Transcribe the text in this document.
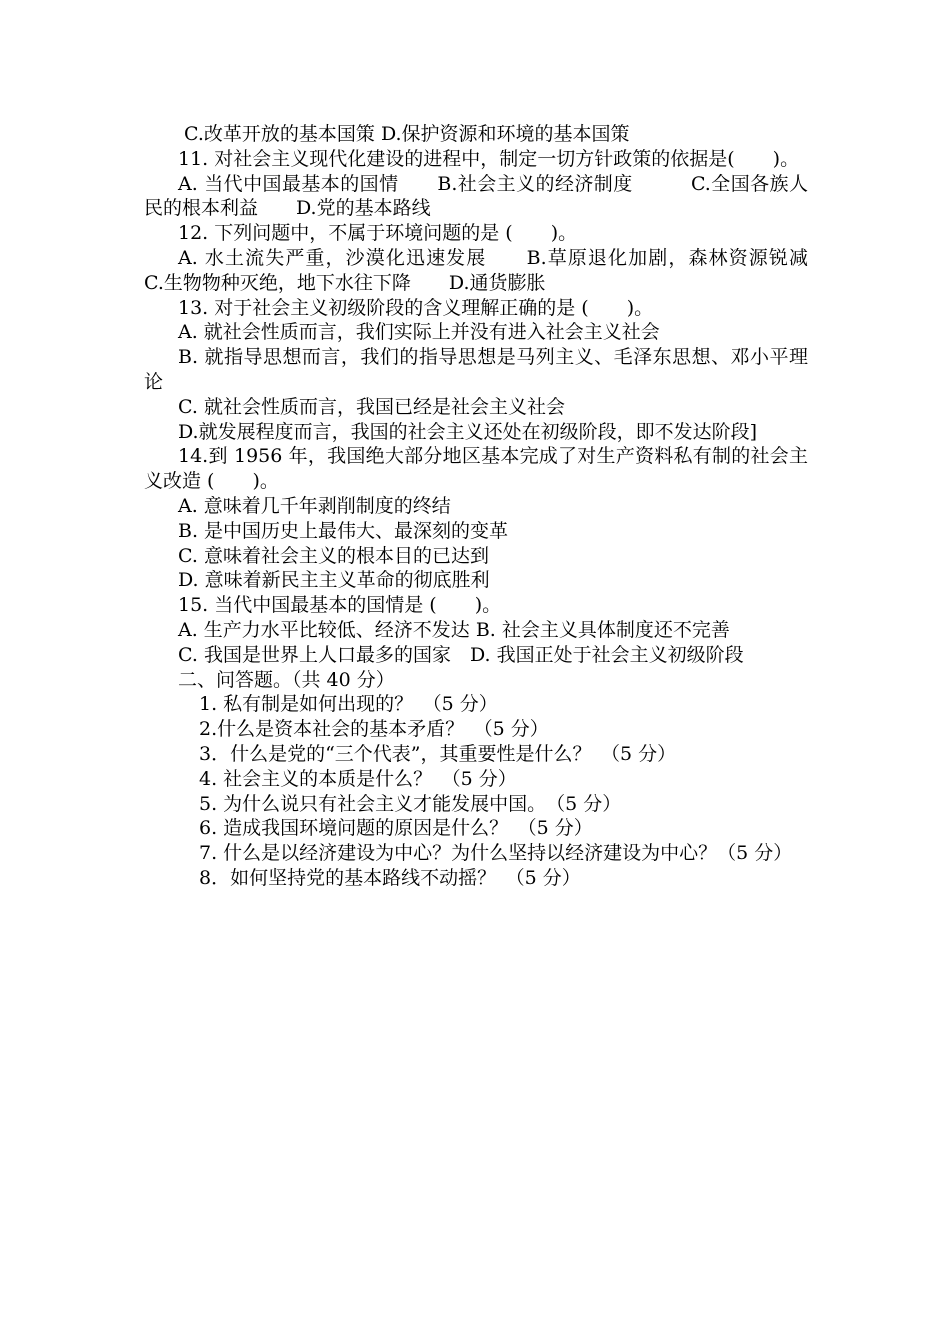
C.改革开放的基本国策 D.保护资源和环境的基本国策

11. 对社会主义现代化建设的进程中，制定一切方针政策的依据是(　　)。

A. 当代中国最基本的国情　　B.社会主义的经济制度　　　C.全国各族人民的根本利益　　D.党的基本路线

12. 下列问题中，不属于环境问题的是 (　　)。

A. 水土流失严重，沙漠化迅速发展　　B.草原退化加剧，森林资源锐减　C.生物物种灭绝，地下水往下降　　D.通货膨胀

13. 对于社会主义初级阶段的含义理解正确的是 (　　)。

A. 就社会性质而言，我们实际上并没有进入社会主义社会

B. 就指导思想而言，我们的指导思想是马列主义、毛泽东思想、邓小平理论

C. 就社会性质而言，我国已经是社会主义社会

D.就发展程度而言，我国的社会主义还处在初级阶段，即不发达阶段]

14.到 1956 年，我国绝大部分地区基本完成了对生产资料私有制的社会主义改造 (　　)。

A. 意味着几千年剥削制度的终结

B. 是中国历史上最伟大、最深刻的变革

C. 意味着社会主义的根本目的已达到

D. 意味着新民主主义革命的彻底胜利

15. 当代中国最基本的国情是 (　　)。

A. 生产力水平比较低、经济不发达 B. 社会主义具体制度还不完善

C. 我国是世界上人口最多的国家　D. 我国正处于社会主义初级阶段

二、问答题。（共 40 分）

1. 私有制是如何出现的？　（5 分）

2.什么是资本社会的基本矛盾？　（5 分）

3．什么是党的“三个代表”，其重要性是什么？　（5 分）

4. 社会主义的本质是什么？　（5 分）

5. 为什么说只有社会主义才能发展中国。　（5 分）

6. 造成我国环境问题的原因是什么？　（5 分）

7. 什么是以经济建设为中心？为什么坚持以经济建设为中心？（5 分）

8．如何坚持党的基本路线不动摇？　（5 分）
